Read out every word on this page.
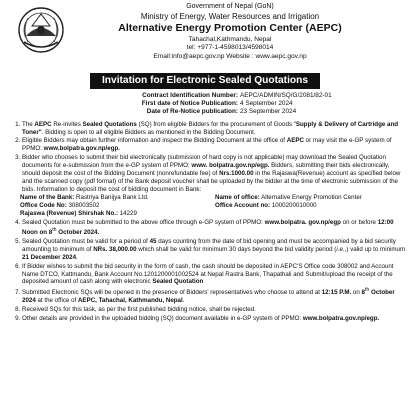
Government of Nepal (GoN)
Ministry of Energy, Water Resources and Irrigation
Alternative Energy Promotion Center (AEPC)
Tahachal,Kathmandu, Nepal
tel: +977-1-4598013/4598014
Email:info@aepc.gov.np Website : www.aepc.gov.np
Invitation for Electronic Sealed Quotations
Contract Identification Number: AEPC/ADMIN/SQ/G/2081/82-01
First date of Notice Publication: 4 September 2024
Date of Re-Notice publication: 23 September 2024
1. The AEPC Re-invites Sealed Quotations (SQ) from eligible Bidders for the procurement of Goods "Supply & Delivery of Cartridge and Toner". Bidding is open to all eligible Bidders as mentioned in the Bidding Document.
2. Eligible Bidders may obtain further information and inspect the Bidding Document at the office of AEPC or may visit the e-GP system of PPMO: www.bolpatra.gov.np/egp.
3. Bidder who chooses to submit their bid electronically (submission of hard copy is not applicable) may download the Sealed Quotation documents for e-submission from the e-GP system of PPMO: www. bolpatra.gov.np/egp. Bidders, submitting their bids electronically, should deposit the cost of the Bidding Document (nonrefundable fee) of Nrs.1000.00 in the Rajaswa(Revenue) account as specified below and the scanned copy (pdf format) of the Bank deposit voucher shall be uploaded by the bidder at the time of electronic submission of the bids. Information to deposit the cost of bidding document in Bank:
Name of the Bank: Rastriya Banijya Bank Ltd.	Name of office: Alternative Energy Promotion Center
Office Code No: 308003502	Office Account no: 1000200010000
Rajaswa (Revenue) Shirshak No.: 14229
4. Sealed Quotation must be submitted to the above office through e-GP system of PPMO: www.bolpatra. gov.np/egp on or before 12:00 Noon on 8th October 2024.
5. Sealed Quotation must be valid for a period of 45 days counting from the date of bid opening and must be accompanied by a bid security amounting to minimum of NRs. 38,000.00 which shall be valid for minimum 30 days beyond the bid validity period (i.e.,) valid up to minimum 21 December 2024.
6. If Bidder wishes to submit the bid security in the form of cash, the cash should be deposited in AEPC'S Office code 308002 and Account Name DTCO, Kattmandu, Bank Account No.1201200001002524 at Nepal Rastra Bank, Thapathali and Submit/upload the receipt of the deposited amount of cash along with electronic Sealed Quotation
7. Submitted Electronic SQs will be opened in the presence of Bidders' representatives who choose to attend at 12:15 P.M. on 8th October 2024 at the office of AEPC, Tahachal, Kathmandu, Nepal.
8. Received SQs for this task, as per the first published bidding notice, shall be rejected.
9. Other details are provided in the uploaded bidding (SQ) document available in e-GP system of PPMO: www.bolpatra.gov.np/egp.
